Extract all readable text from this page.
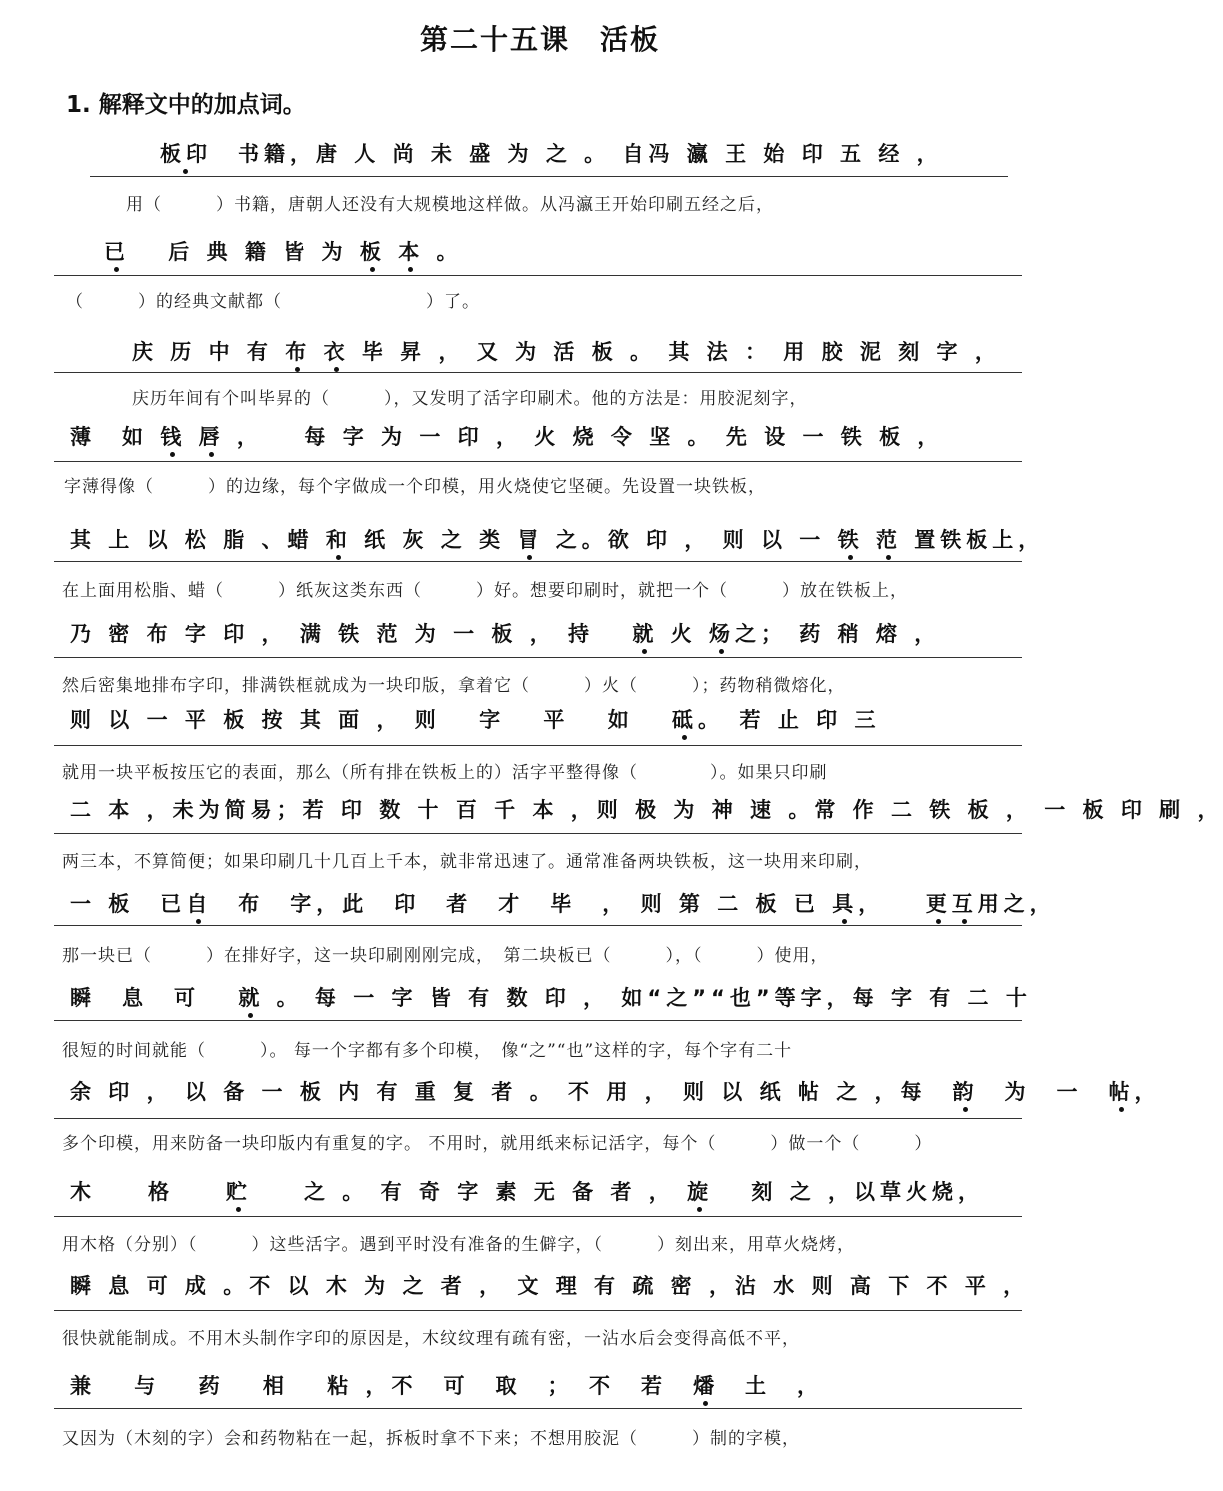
第二十五课　活板
1. 解释文中的加点词。
板印　书籍，唐 人 尚 未 盛 为 之 。 自冯 瀛 王 始 印 五 经 ，
用（　　　）书籍，唐朝人还没有大规模地这样做。从冯瀛王开始印刷五经之后，
已　 后 典 籍 皆 为 板 本 。
（　　　）的经典文献都（　　　　　　　　）了。
庆 历 中 有 布 衣 毕 昇 ， 又 为 活 板 。 其 法 ： 用 胶 泥 刻 字 ，
庆历年间有个叫毕昇的（　　　），又发明了活字印刷术。他的方法是：用胶泥刻字，
薄　如 钱 唇 ，　　每 字 为 一 印 ， 火 烧 令 坚 。 先 设 一 铁 板 ，
字薄得像（　　　）的边缘，每个字做成一个印模，用火烧使它坚硬。先设置一块铁板，
其 上 以 松 脂 、蜡 和 纸 灰 之 类 冒 之。欲 印 ， 则 以 一 铁 范 置铁板上，
在上面用松脂、蜡（　　　）纸灰这类东西（　　　）好。想要印刷时，就把一个（　　　）放在铁板上，
乃 密 布 字 印 ， 满 铁 范 为 一 板 ， 持　 就 火 炀之； 药 稍 熔 ，
然后密集地排布字印，排满铁框就成为一块印版，拿着它（　　　）火（　　　）；药物稍微熔化，
则 以 一 平 板 按 其 面 ， 则　 字　 平　 如　 砥。　若 止 印 三
就用一块平板按压它的表面，那么（所有排在铁板上的）活字平整得像（　　　　）。如果只印刷
二 本 ，未为简易；若 印 数 十 百 千 本 ，则 极 为 神 速 。常 作 二 铁 板 ， 一 板 印 刷 ，
两三本，不算简便；如果印刷几十几百上千本，就非常迅速了。通常准备两块铁板，这一块用来印刷，
一 板　已自　布　字，此　印　者　才　毕　， 则 第 二 板 已 具，　　更互用之，
那一块已（　　　）在排好字，这一块印刷刚刚完成，　第二块板已（　　　），（　　　）使用，
瞬　息　可　 就 。 每 一 字 皆 有 数 印 ， 如“之”“也”等字，每 字 有 二 十
很短的时间就能（　　　）。 每一个字都有多个印模，　像“之”“也”这样的字，每个字有二十
余 印 ， 以 备 一 板 内 有 重 复 者 。 不 用 ， 则 以 纸 帖 之 ，每　韵　为　一　帖，
多个印模，用来防备一块印版内有重复的字。 不用时，就用纸来标记活字，每个（　　　）做一个（　　　）
木　　格　　贮　　之 。 有 奇 字 素 无 备 者 ， 旋　 刻 之 ，以草火烧，
用木格（分别）（　　　）这些活字。遇到平时没有准备的生僻字，（　　　）刻出来，用草火烧烤，
瞬 息 可 成 。不 以 木 为 之 者 ， 文 理 有 疏 密 ，沾 水 则 高 下 不 平 ，
很快就能制成。不用木头制作字印的原因是，木纹纹理有疏有密，一沾水后会变得高低不平，
兼　 与　 药　 相　 粘 ，不　可　取　；　不　若　燔　土　，
又因为（木刻的字）会和药物粘在一起，拆板时拿不下来；不想用胶泥（　　　）制的字模，
